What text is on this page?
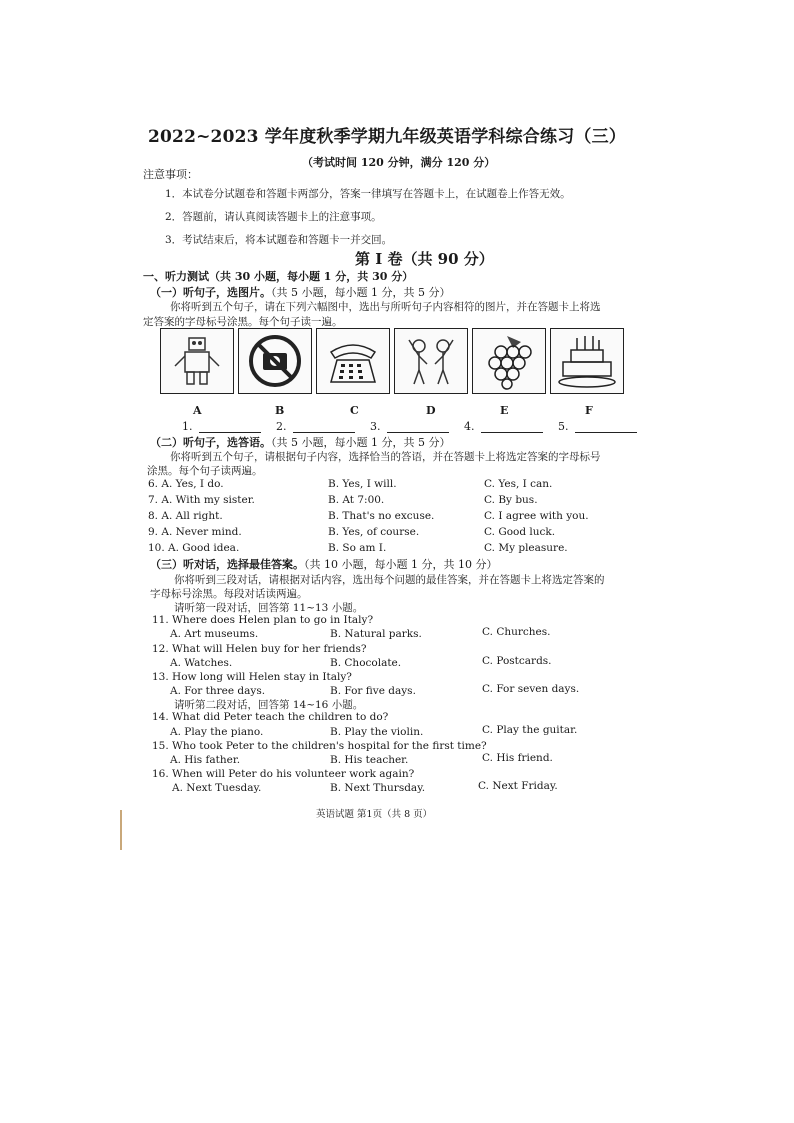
2022~2023 学年度秋季学期九年级英语学科综合练习（三）
（考试时间 120 分钟，满分 120 分）
注意事项：
1．本试卷分试题卷和答题卡两部分，答案一律填写在答题卡上，在试题卷上作答无效。
2．答题前，请认真阅读答题卡上的注意事项。
3．考试结束后，将本试题卷和答题卡一并交回。
第 I 卷（共 90 分）
一、听力测试（共 30 小题，每小题 1 分，共 30 分）
（一）听句子，选图片。（共 5 小题，每小题 1 分，共 5 分）
你将听到五个句子，请在下列六幅图中，选出与所听句子内容相符的图片，并在答题卡上将选
定答案的字母标号涂黑。每个句子读一遍。
A	B	C	D	E	F
1.	2.	3.	4.	5.
（二）听句子，选答语。（共 5 小题，每小题 1 分，共 5 分）
你将听到五个句子，请根据句子内容，选择恰当的答语，并在答题卡上将选定答案的字母标号
涂黑。每个句子读两遍。
6. A. Yes, I do.	B. Yes, I will.	C. Yes, I can.
7. A. With my sister.	B. At 7:00.	C. By bus.
8. A. All right.	B. That's no excuse.	C. I agree with you.
9. A. Never mind.	B. Yes, of course.	C. Good luck.
10. A. Good idea.	B. So am I.	C. My pleasure.
（三）听对话，选择最佳答案。（共 10 小题，每小题 1 分，共 10 分）
你将听到三段对话，请根据对话内容，选出每个问题的最佳答案，并在答题卡上将选定答案的
字母标号涂黑。每段对话读两遍。
请听第一段对话，回答第 11~13 小题。
11. Where does Helen plan to go in Italy?
A. Art museums.	B. Natural parks.	C. Churches.
12. What will Helen buy for her friends?
A. Watches.	B. Chocolate.	C. Postcards.
13. How long will Helen stay in Italy?
A. For three days.	B. For five days.	C. For seven days.
请听第二段对话，回答第 14~16 小题。
14. What did Peter teach the children to do?
A. Play the piano.	B. Play the violin.	C. Play the guitar.
15. Who took Peter to the children's hospital for the first time?
A. His father.	B. His teacher.	C. His friend.
16. When will Peter do his volunteer work again?
A. Next Tuesday.	B. Next Thursday.	C. Next Friday.
英语试题 第1页（共 8 页）
